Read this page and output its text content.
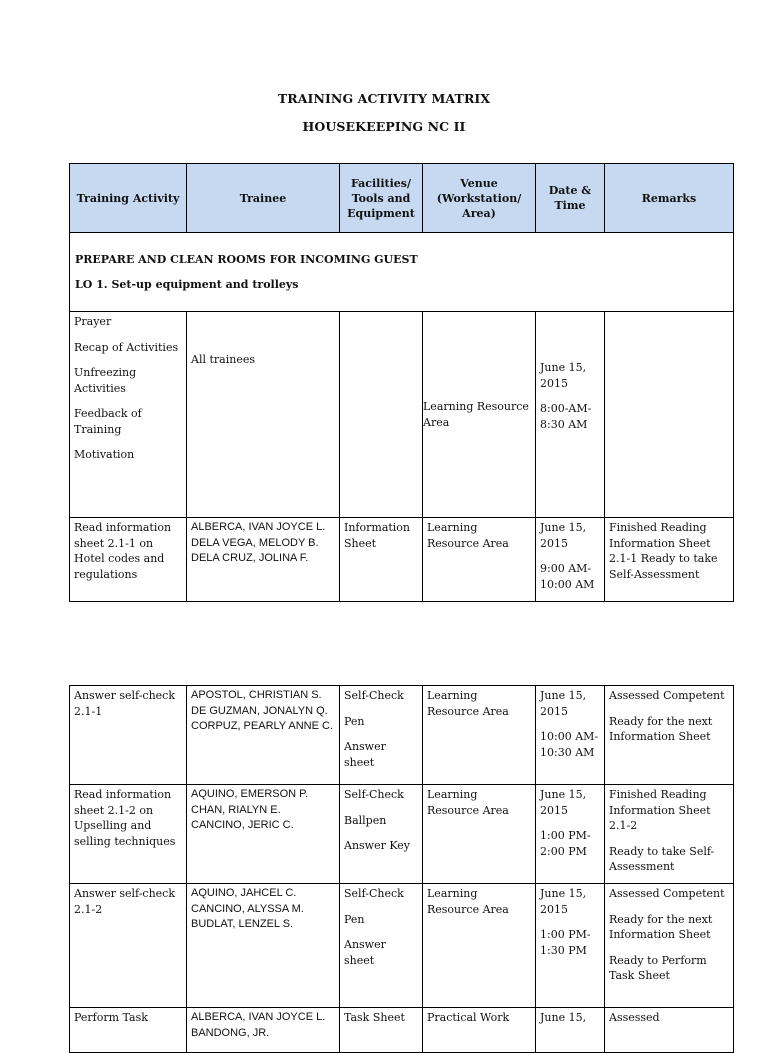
TRAINING ACTIVITY MATRIX
HOUSEKEEPING NC II
Training Activity	Trainee	Facilities/ Tools and Equipment	Venue (Workstation/ Area)	Date & Time	Remarks

PREPARE AND CLEAN ROOMS FOR INCOMING GUEST
LO 1. Set-up equipment and trolleys					

Prayer
Recap of Activities
Unfreezing Activities
Feedback of Training
Motivation	All trainees		Learning Resource Area	June 15, 2015
8:00-AM-8:30 AM	

Read information sheet 2.1-1 on Hotel codes and regulations	ALBERCA, IVAN JOYCE L. DELA VEGA, MELODY B. DELA CRUZ, JOLINA F.	Information Sheet	Learning Resource Area	June 15, 2015
9:00 AM-10:00 AM	Finished Reading Information Sheet 2.1-1 Ready to take Self-Assessment
Answer self-check 2.1-1	APOSTOL, CHRISTIAN S. DE GUZMAN, JONALYN Q. CORPUZ, PEARLY ANNE C.	Self-Check
Pen
Answer sheet	Learning Resource Area	June 15, 2015
10:00 AM-10:30 AM	Assessed Competent
Ready for the next Information Sheet

Read information sheet 2.1-2 on Upselling and selling techniques	AQUINO, EMERSON P. CHAN, RIALYN E. CANCINO, JERIC C.	Self-Check
Ballpen
Answer Key	Learning Resource Area	June 15, 2015
1:00 PM-2:00 PM	Finished Reading Information Sheet 2.1-2
Ready to take Self-Assessment

Answer self-check 2.1-2	AQUINO, JAHCEL C. CANCINO, ALYSSA M. BUDLAT, LENZEL S.	Self-Check
Pen
Answer sheet	Learning Resource Area	June 15, 2015
1:00 PM-1:30 PM	Assessed Competent
Ready for the next Information Sheet
Ready to Perform Task Sheet

Perform Task	ALBERCA, IVAN JOYCE L. BANDONG, JR.	Task Sheet	Practical Work	June 15,	Assessed
